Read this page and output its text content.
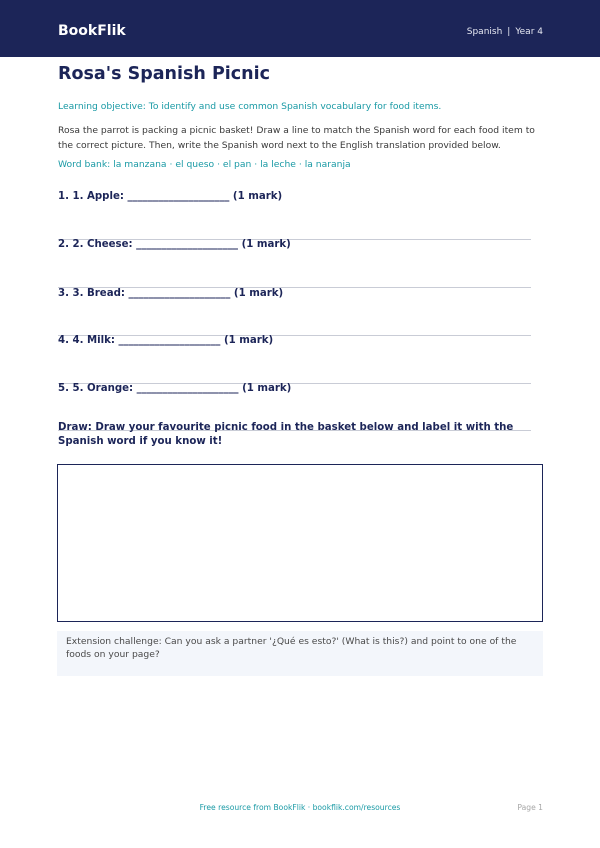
BookFlik	Spanish | Year 4
Rosa's Spanish Picnic
Learning objective: To identify and use common Spanish vocabulary for food items.
Rosa the parrot is packing a picnic basket! Draw a line to match the Spanish word for each food item to the correct picture. Then, write the Spanish word next to the English translation provided below.
Word bank: la manzana · el queso · el pan · la leche · la naranja
1. 1. Apple: ____________________ (1 mark)
2. 2. Cheese: ____________________ (1 mark)
3. 3. Bread: ____________________ (1 mark)
4. 4. Milk: ____________________ (1 mark)
5. 5. Orange: ____________________ (1 mark)
Draw: Draw your favourite picnic food in the basket below and label it with the Spanish word if you know it!
Extension challenge: Can you ask a partner '¿Qué es esto?' (What is this?) and point to one of the foods on your page?
Free resource from BookFlik · bookflik.com/resources	Page 1
